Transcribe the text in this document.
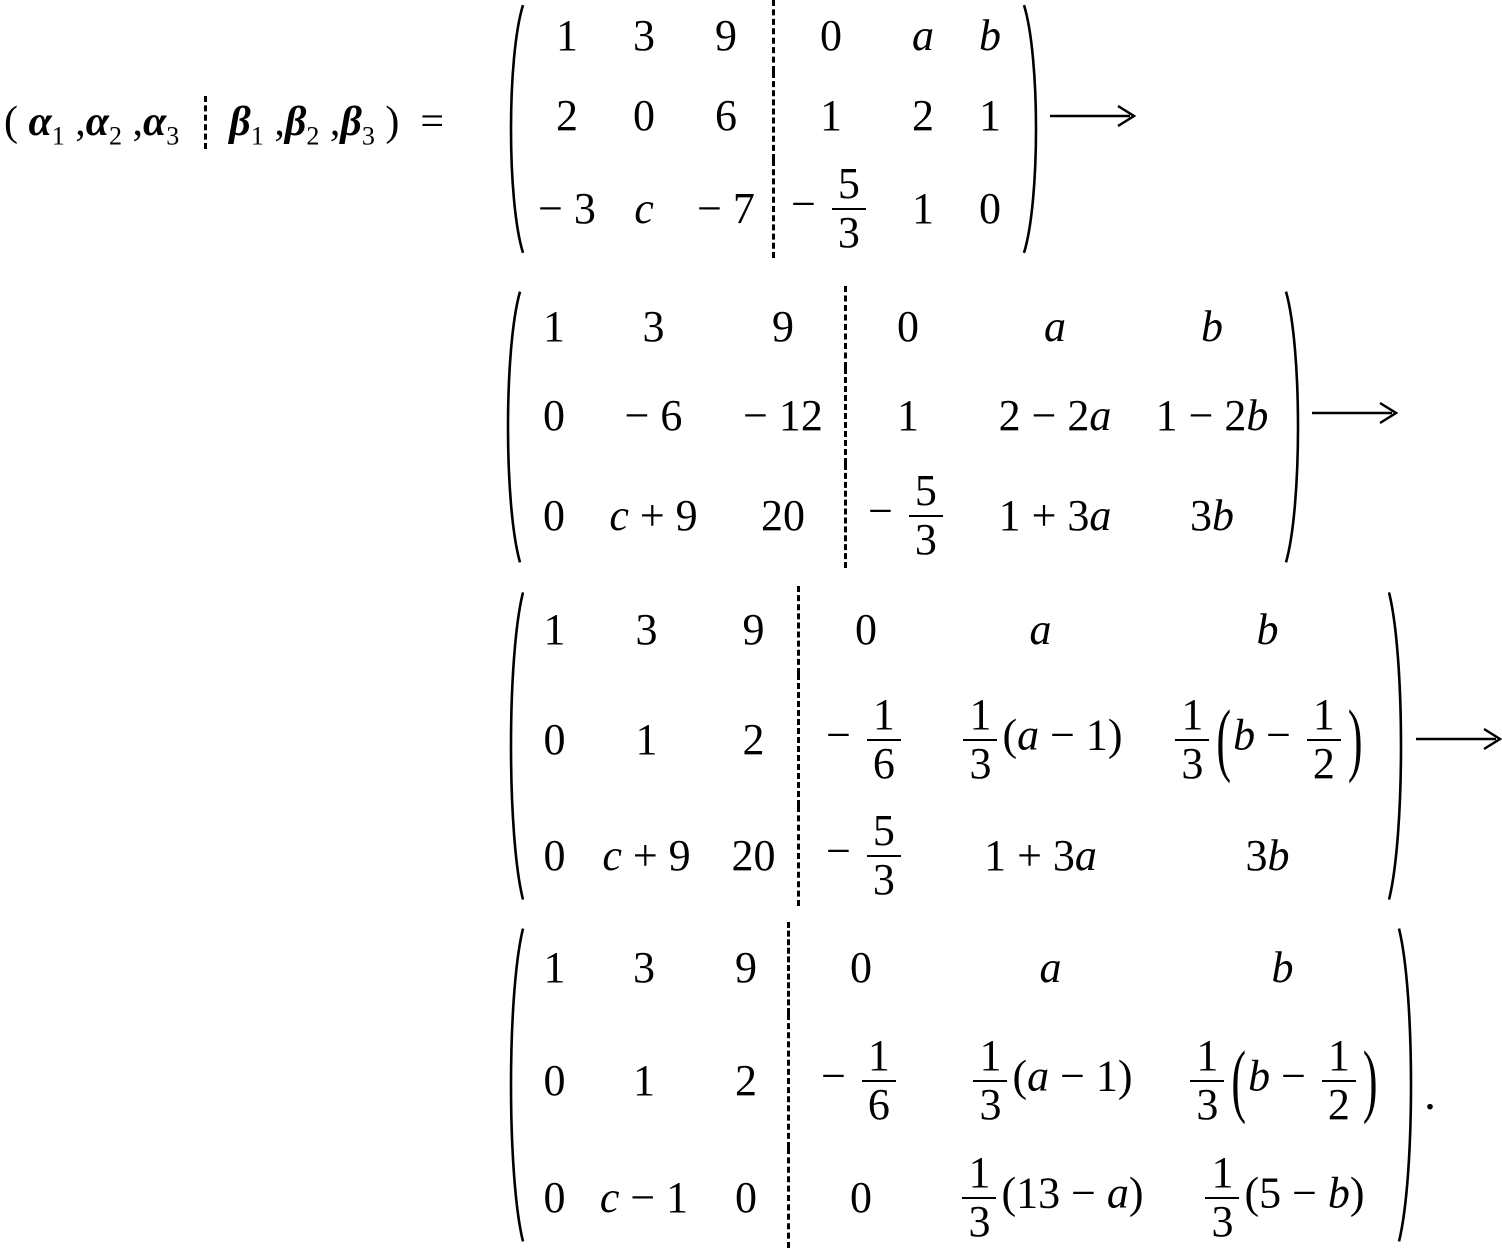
( $\alpha_1$ $,\alpha_2$ $,\alpha_3$ $\beta_1$ $,\beta_2$ $,\beta_3$ )  =
1	3	9	0	a	b
2	0	6	1	2	1
− 3	c	− 7	− $\frac{5}{3}$	1	0
1	3	9	0	a	b
0	− 6	− 12	1	2 − 2a	1 − 2b
0	c + 9	20	− $\frac{5}{3}$	1 + 3a	3b
1	3	9	0	a	b
0	1	2	− $\frac{1}{6}$	$\frac{1}{3} (a - 1)$	$\frac{1}{3} (b - \frac{1}{2}$ )
0	c + 9	20	− $\frac{5}{3}$	1 + 3a	3b
1	3	9	0	a	b
0	1	2	− $\frac{1}{6}$	$\frac{1}{3} (a - 1)$	$\frac{1}{3} (b - \frac{1}{2}$ )
0	c − 1	0	0	$\frac{1}{3} (13 - a)$	$\frac{1}{3} (5 - b)$
.
